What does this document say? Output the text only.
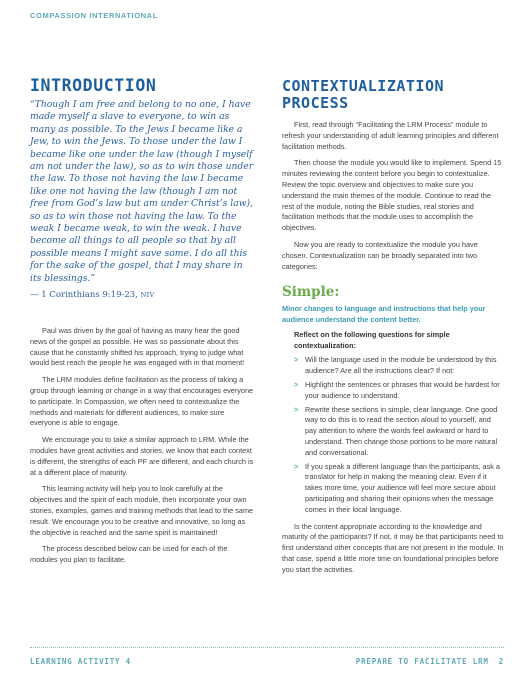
COMPASSION INTERNATIONAL
INTRODUCTION

“Though I am free and belong to no one, I have made myself a slave to everyone, to win as many as possible. To the Jews I became like a Jew, to win the Jews. To those under the law I became like one under the law (though I myself am not under the law), so as to win those under the law. To those not having the law I became like one not having the law (though I am not free from God’s law but am under Christ’s law), so as to win those not having the law. To the weak I became weak, to win the weak. I have become all things to all people so that by all possible means I might save some. I do all this for the sake of the gospel, that I may share in its blessings.”

— 1 Corinthians 9:19-23, NIV

Paul was driven by the goal of having as many hear the good news of the gospel as possible. He was so passionate about this cause that he constantly shifted his approach, trying to judge what would best reach the people he was engaged with in that moment!

The LRM modules define facilitation as the process of taking a group through learning or change in a way that encourages everyone to participate. In Compassion, we often need to contextualize the methods and materials for different audiences, to make sure everyone is able to engage.

We encourage you to take a similar approach to LRM. While the modules have great activities and stories, we know that each context is different, the strengths of each PF are different, and each church is at a different place of maturity.

This learning activity will help you to look carefully at the objectives and the spirit of each module, then incorporate your own stories, examples, games and training methods that lead to the same result. We encourage you to be creative and innovative, so long as the objective is reached and the same spirit is maintained!

The process described below can be used for each of the modules you plan to facilitate.

CONTEXTUALIZATION PROCESS

First, read through “Facilitating the LRM Process” module to refresh your understanding of adult learning principles and different facilitation methods.

Then choose the module you would like to implement. Spend 15 minutes reviewing the content before you begin to contextualize. Review the topic overview and objectives to make sure you understand the main themes of the module. Continue to read the rest of the module, noting the Bible studies, real stories and facilitation methods that the module uses to accomplish the objectives.

Now you are ready to contextualize the module you have chosen. Contextualization can be broadly separated into two categories:

Simple:

Minor changes to language and instructions that help your audience understand the content better.

Reflect on the following questions for simple contextualization:

> Will the language used in the module be understood by this audience? Are all the instructions clear? If not:
> Highlight the sentences or phrases that would be hardest for your audience to understand.
> Rewrite these sections in simple, clear language. One good way to do this is to read the section aloud to yourself, and pay attention to where the words feel awkward or hard to understand. Then change those portions to be more natural and conversational.
> If you speak a different language than the participants, ask a translator for help in making the meaning clear. Even if it takes more time, your audience will feel more secure about participating and sharing their opinions when the message comes in their local language.

Is the content appropriate according to the knowledge and maturity of the participants? If not, it may be that participants need to first understand other concepts that are not present in the module. In that case, spend a little more time on foundational principles before you start the activities.

LEARNING ACTIVITY 4	PREPARE TO FACILITATE LRM 2
